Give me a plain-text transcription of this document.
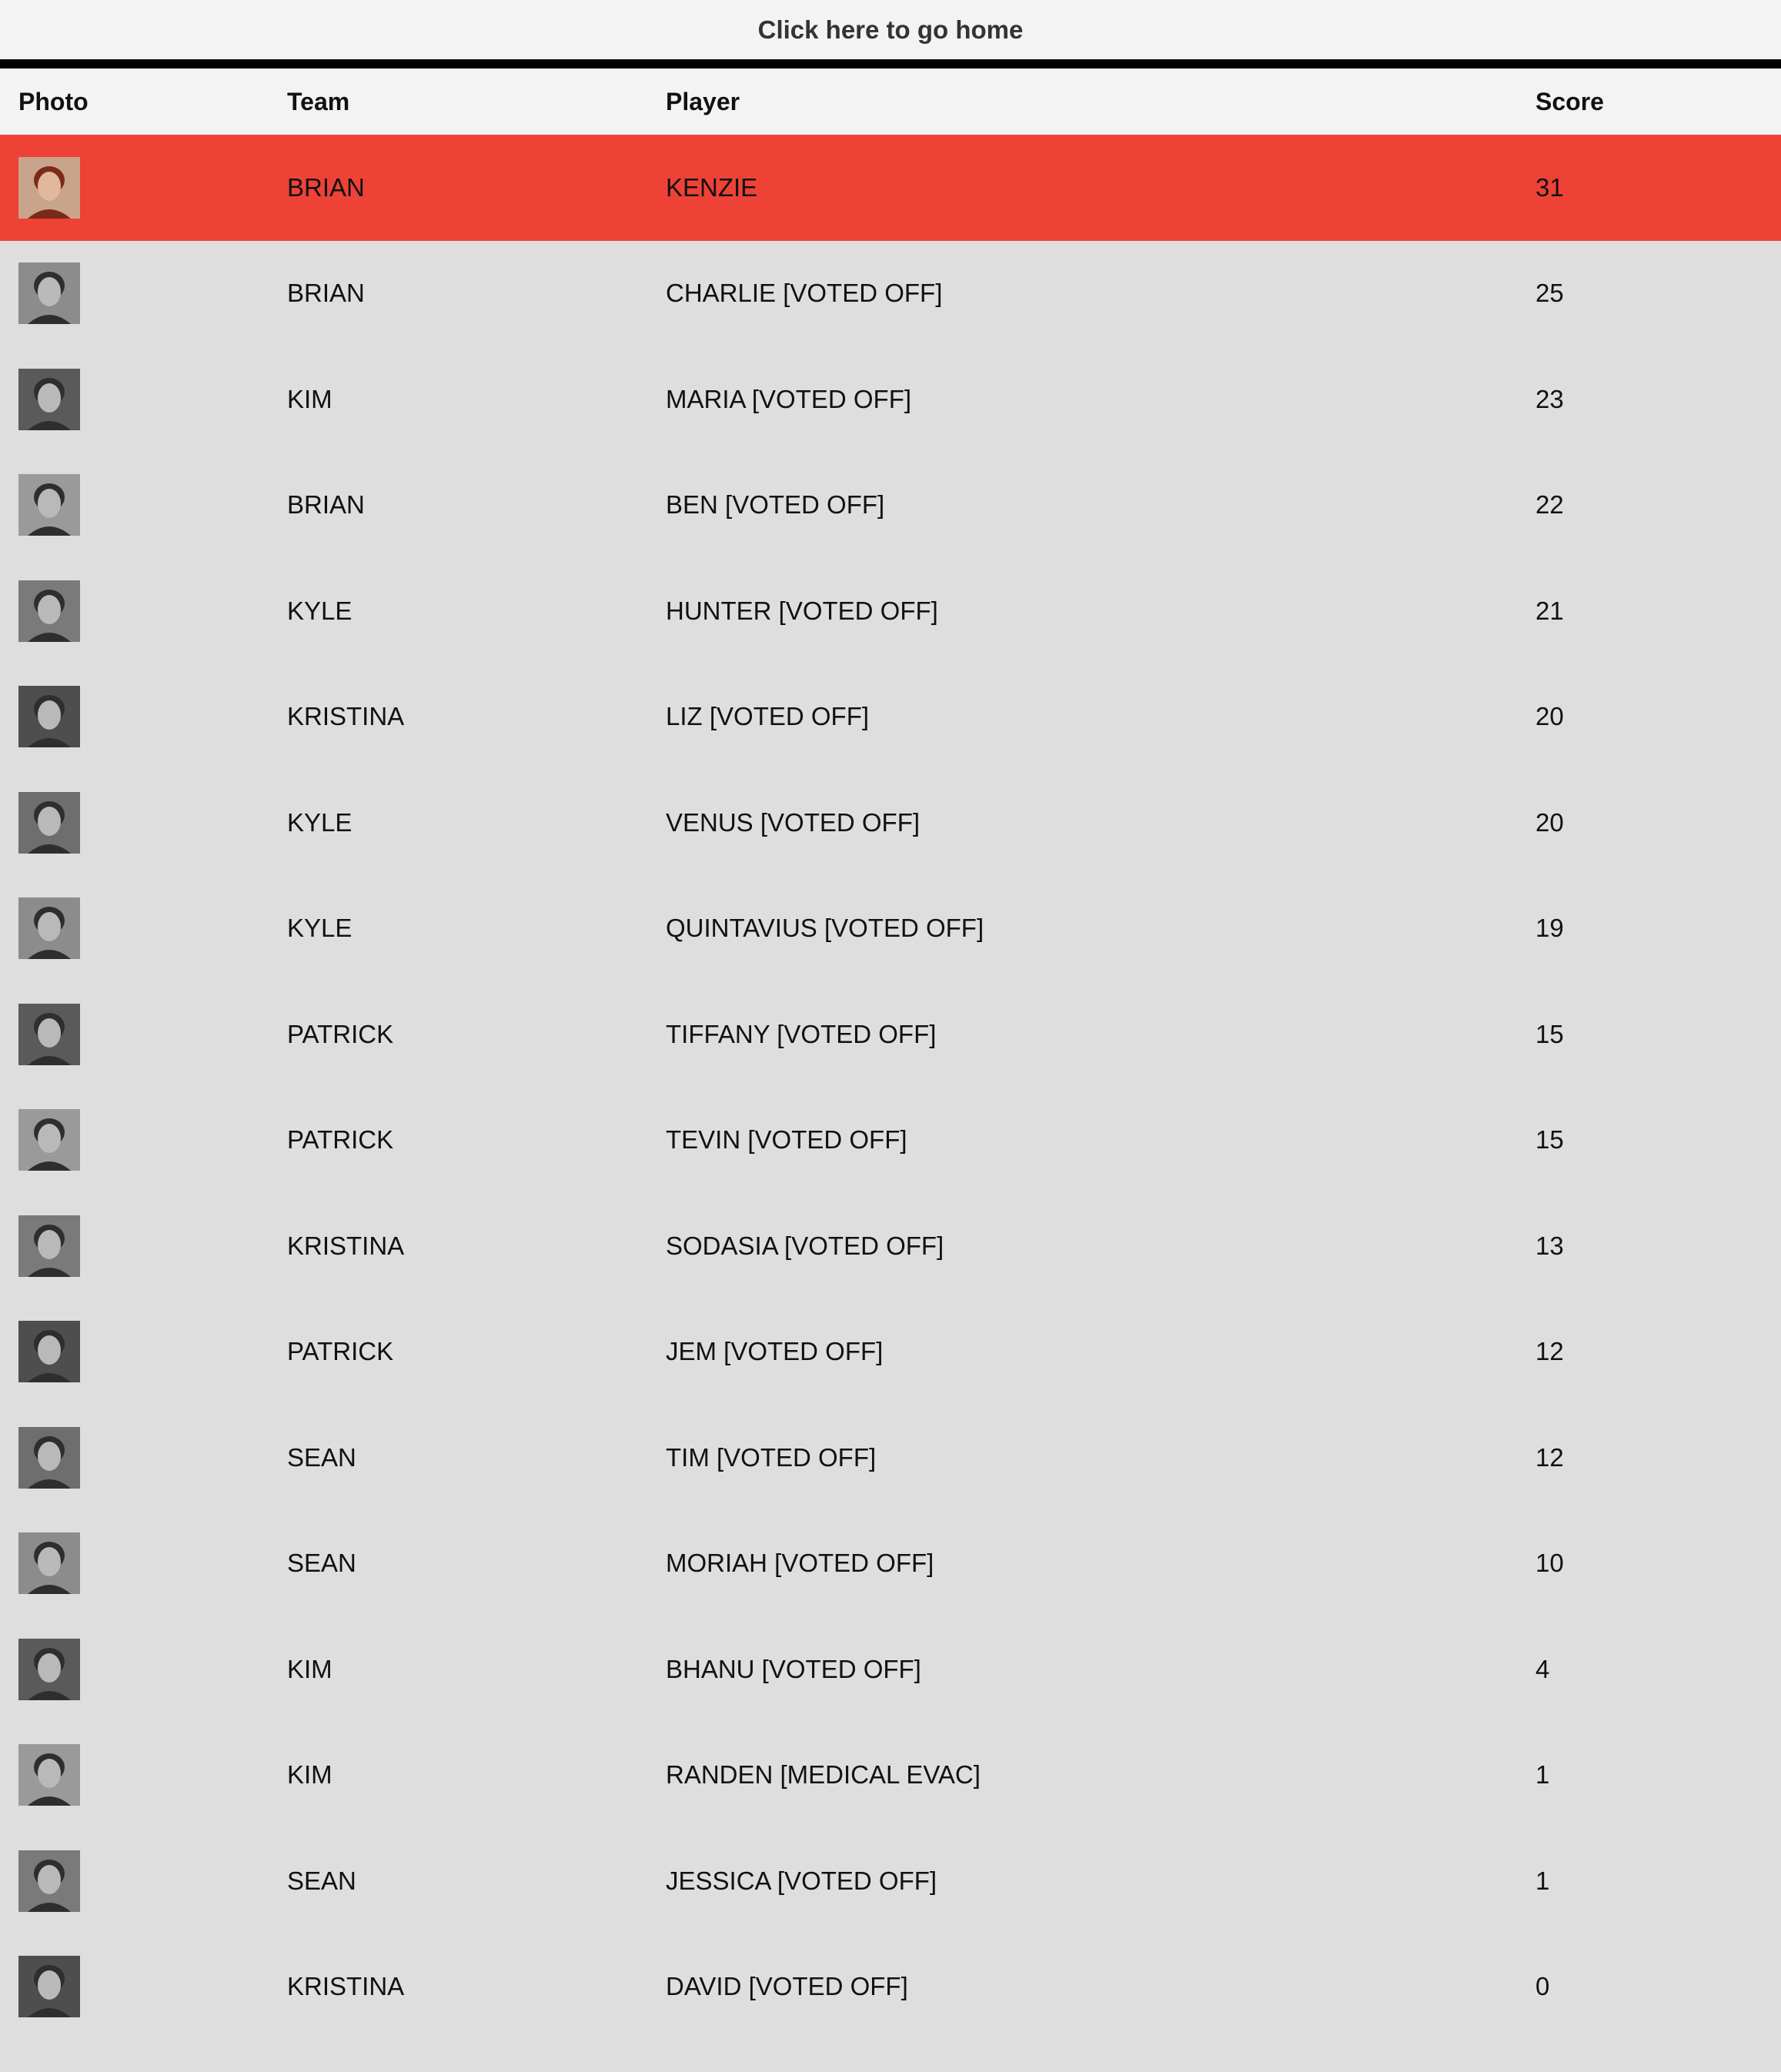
Click here to go home
Photo	Team	Player	Score

	BRIAN	KENZIE	31

	BRIAN	CHARLIE [VOTED OFF]	25

	KIM	MARIA [VOTED OFF]	23

	BRIAN	BEN [VOTED OFF]	22

	KYLE	HUNTER [VOTED OFF]	21

	KRISTINA	LIZ [VOTED OFF]	20

	KYLE	VENUS [VOTED OFF]	20

	KYLE	QUINTAVIUS [VOTED OFF]	19

	PATRICK	TIFFANY [VOTED OFF]	15

	PATRICK	TEVIN [VOTED OFF]	15

	KRISTINA	SODASIA [VOTED OFF]	13

	PATRICK	JEM [VOTED OFF]	12

	SEAN	TIM [VOTED OFF]	12

	SEAN	MORIAH [VOTED OFF]	10

	KIM	BHANU [VOTED OFF]	4

	KIM	RANDEN [MEDICAL EVAC]	1

	SEAN	JESSICA [VOTED OFF]	1

	KRISTINA	DAVID [VOTED OFF]	0
